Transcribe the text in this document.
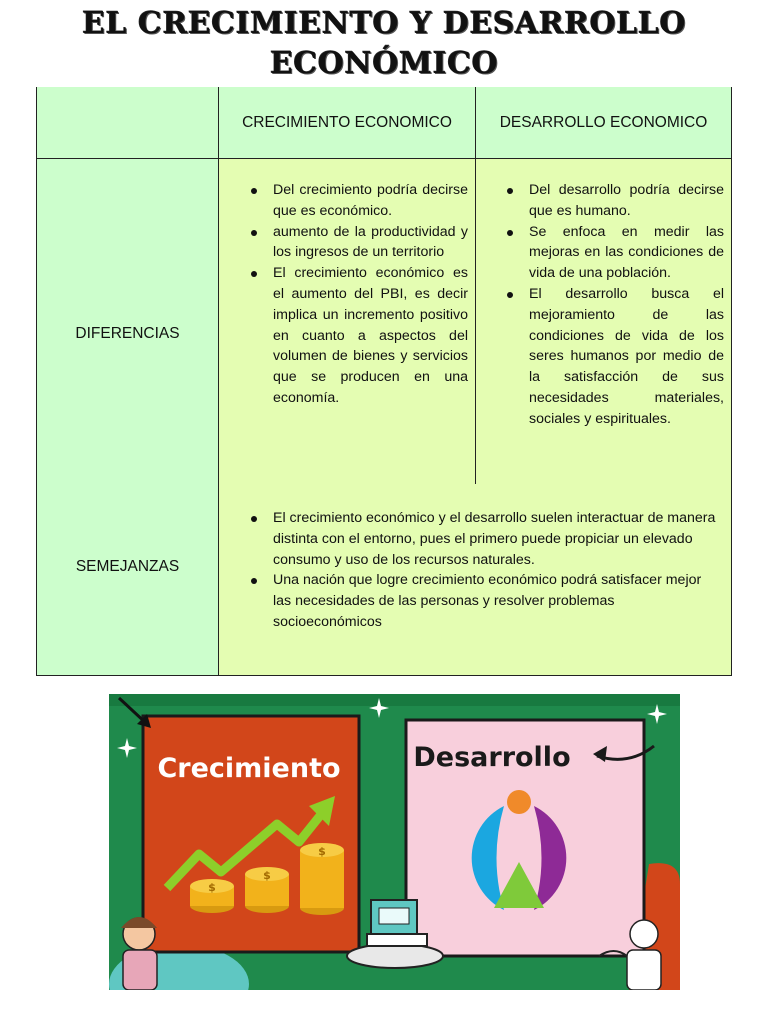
EL CRECIMIENTO Y DESARROLLO
ECONÓMICO
CRECIMIENTO ECONOMICO	DESARROLLO ECONOMICO
DIFERENCIAS
SEMEJANZAS
Del crecimiento podría decirse que es económico.
aumento de la productividad y los ingresos de un territorio
El crecimiento económico es el aumento del PBI, es decir implica un incremento positivo en cuanto a aspectos del volumen de bienes y servicios que se producen en una economía.
Del desarrollo podría decirse que es humano.
Se enfoca en medir las mejoras en las condiciones de vida de una población.
El desarrollo busca el mejoramiento de las condiciones de vida de los seres humanos por medio de la satisfacción de sus necesidades materiales, sociales y espirituales.
El crecimiento económico y el desarrollo suelen interactuar de manera distinta con el entorno, pues el primero puede propiciar un elevado consumo y uso de los recursos naturales.
Una nación que logre crecimiento económico podrá satisfacer mejor las necesidades de las personas y resolver problemas socioeconómicos
Crecimiento
$
$
$
Desarrollo
